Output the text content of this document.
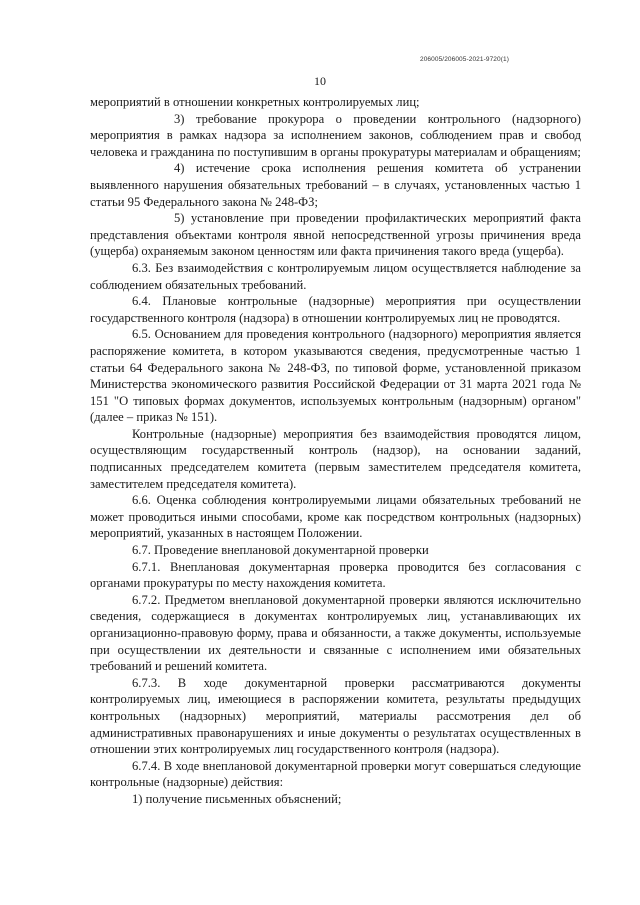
206005/206005-2021-9720(1)
10

мероприятий в отношении конкретных контролируемых лиц;

3) требование прокурора о проведении контрольного (надзорного) мероприятия в рамках надзора за исполнением законов, соблюдением прав и свобод человека и гражданина по поступившим в органы прокуратуры материалам и обращениям;

4) истечение срока исполнения решения комитета об устранении выявленного нарушения обязательных требований – в случаях, установленных частью 1 статьи 95 Федерального закона № 248-ФЗ;

5) установление при проведении профилактических мероприятий факта представления объектами контроля явной непосредственной угрозы причинения вреда (ущерба) охраняемым законом ценностям или факта причинения такого вреда (ущерба).

6.3. Без взаимодействия с контролируемым лицом осуществляется наблюдение за соблюдением обязательных требований.

6.4. Плановые контрольные (надзорные) мероприятия при осуществлении государственного контроля (надзора) в отношении контролируемых лиц не проводятся.

6.5. Основанием для проведения контрольного (надзорного) мероприятия является распоряжение комитета, в котором указываются сведения, предусмотренные частью 1 статьи 64 Федерального закона № 248-ФЗ, по типовой форме, установленной приказом Министерства экономического развития Российской Федерации от 31 марта 2021 года № 151 "О типовых формах документов, используемых контрольным (надзорным) органом" (далее – приказ № 151).

Контрольные (надзорные) мероприятия без взаимодействия проводятся лицом, осуществляющим государственный контроль (надзор), на основании заданий, подписанных председателем комитета (первым заместителем председателя комитета, заместителем председателя комитета).

6.6. Оценка соблюдения контролируемыми лицами обязательных требований не может проводиться иными способами, кроме как посредством контрольных (надзорных) мероприятий, указанных в настоящем Положении.

6.7. Проведение внеплановой документарной проверки

6.7.1. Внеплановая документарная проверка проводится без согласования с органами прокуратуры по месту нахождения комитета.

6.7.2. Предметом внеплановой документарной проверки являются исключительно сведения, содержащиеся в документах контролируемых лиц, устанавливающих их организационно-правовую форму, права и обязанности, а также документы, используемые при осуществлении их деятельности и связанные с исполнением ими обязательных требований и решений комитета.

6.7.3. В ходе документарной проверки рассматриваются документы контролируемых лиц, имеющиеся в распоряжении комитета, результаты предыдущих контрольных (надзорных) мероприятий, материалы рассмотрения дел об административных правонарушениях и иные документы о результатах осуществленных в отношении этих контролируемых лиц государственного контроля (надзора).

6.7.4. В ходе внеплановой документарной проверки могут совершаться следующие контрольные (надзорные) действия:

1) получение письменных объяснений;
